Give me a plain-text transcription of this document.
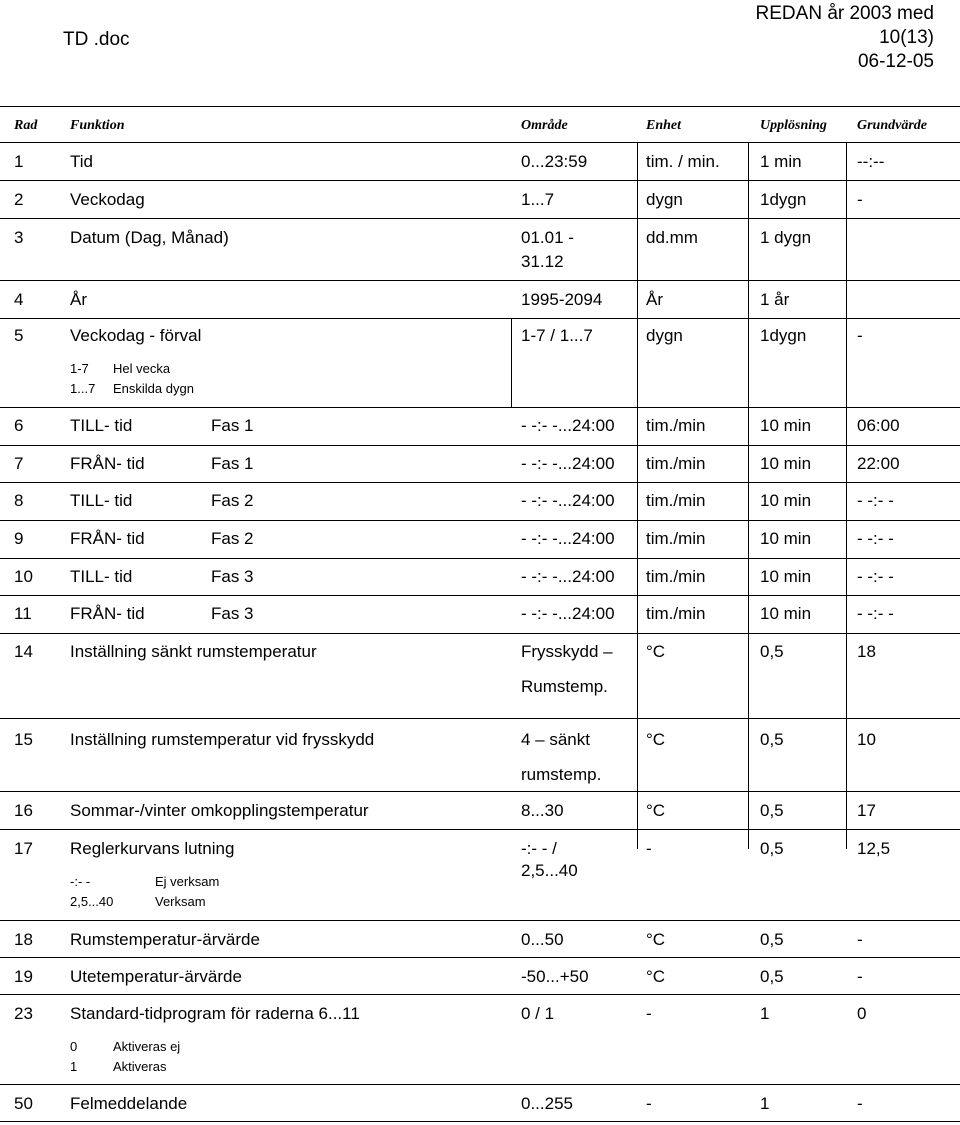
TD .doc
REDAN år 2003 med
10(13)
06-12-05
Rad Funktion	Område	Enhet	Upplösning Grundvärde
1	Tid	0...23:59	tim. / min. 1 min	--:--
2	Veckodag	1...7	dygn	1dygn	-
3	Datum (Dag, Månad)	01.01 -
31.12
dd.mm	1 dygn
4	År	1995-2094	År	1 år
5	Veckodag - förval	1-7 / 1...7	dygn	1dygn	-
6	TILL- tid	Fas 1	- -:- -...24:00 tim./min	10 min	06:00
7	FRÅN- tid	Fas 1	- -:- -...24:00 tim./min	10 min	22:00
8	TILL- tid	Fas 2	- -:- -...24:00 tim./min	10 min	- -:- -
9	FRÅN- tid	Fas 2	- -:- -...24:00 tim./min	10 min	- -:- -
10 TILL- tid	Fas 3	- -:- -...24:00 tim./min	10 min	- -:- -
11 FRÅN- tid	Fas 3	- -:- -...24:00 tim./min	10 min	- -:- -
14 Inställning sänkt rumstemperatur	Frysskydd –
Rumstemp.
°C	0,5	18
15 Inställning rumstemperatur vid frysskydd	4 – sänkt
rumstemp.
°C	0,5	10
16 Sommar-/vinter omkopplingstemperatur	8...30	°C	0,5	17
17 Reglerkurvans lutning	-:- - /
2,5...40
-	0,5	12,5
18 Rumstemperatur-ärvärde	0...50	°C	0,5	-
19 Utetemperatur-ärvärde	-50...+50	°C	0,5	-
23 Standard-tidprogram för raderna 6...11	0 / 1	-	1	0
50 Felmeddelande	0...255	-	1	-
1-7 Hel vecka
1...7 Enskilda dygn
-:- -	Ej verksam
2,5...40	Verksam
0	Aktiveras ej
1	Aktiveras
